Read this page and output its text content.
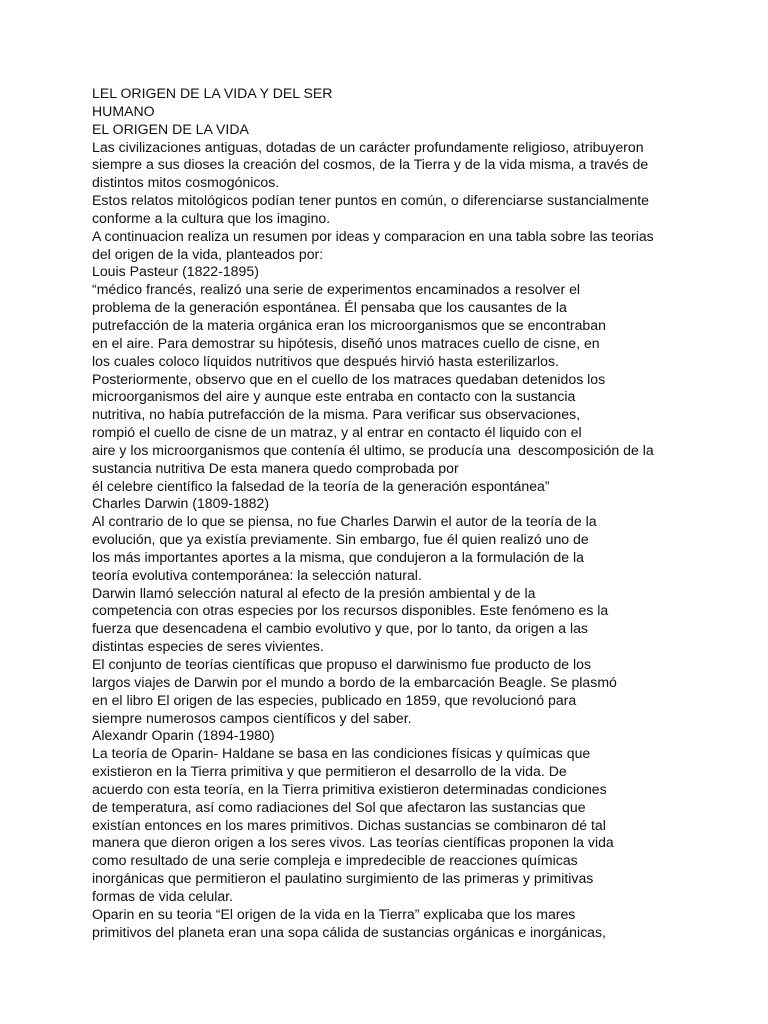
LEL ORIGEN DE LA VIDA Y DEL SER
HUMANO
EL ORIGEN DE LA VIDA
Las civilizaciones antiguas, dotadas de un carácter profundamente religioso, atribuyeron
siempre a sus dioses la creación del cosmos, de la Tierra y de la vida misma, a través de
distintos mitos cosmogónicos.
Estos relatos mitológicos podían tener puntos en común, o diferenciarse sustancialmente
conforme a la cultura que los imagino.
A continuacion realiza un resumen por ideas y comparacion en una tabla sobre las teorias
del origen de la vida, planteados por:
Louis Pasteur (1822-1895)
“médico francés, realizó una serie de experimentos encaminados a resolver el
problema de la generación espontánea. Él pensaba que los causantes de la
putrefacción de la materia orgánica eran los microorganismos que se encontraban
en el aire. Para demostrar su hipótesis, diseñó unos matraces cuello de cisne, en
los cuales coloco líquidos nutritivos que después hirvió hasta esterilizarlos.
Posteriormente, observo que en el cuello de los matraces quedaban detenidos los
microorganismos del aire y aunque este entraba en contacto con la sustancia
nutritiva, no había putrefacción de la misma. Para verificar sus observaciones,
rompió el cuello de cisne de un matraz, y al entrar en contacto él liquido con el
aire y los microorganismos que contenía él ultimo, se producía una  descomposición de la
sustancia nutritiva De esta manera quedo comprobada por
él celebre científico la falsedad de la teoría de la generación espontánea”
Charles Darwin (1809-1882)
Al contrario de lo que se piensa, no fue Charles Darwin el autor de la teoría de la
evolución, que ya existía previamente. Sin embargo, fue él quien realizó uno de
los más importantes aportes a la misma, que condujeron a la formulación de la
teoría evolutiva contemporánea: la selección natural.
Darwin llamó selección natural al efecto de la presión ambiental y de la
competencia con otras especies por los recursos disponibles. Este fenómeno es la
fuerza que desencadena el cambio evolutivo y que, por lo tanto, da origen a las
distintas especies de seres vivientes.
El conjunto de teorías científicas que propuso el darwinismo fue producto de los
largos viajes de Darwin por el mundo a bordo de la embarcación Beagle. Se plasmó
en el libro El origen de las especies, publicado en 1859, que revolucionó para
siempre numerosos campos científicos y del saber.
Alexandr Oparin (1894-1980)
La teoría de Oparin- Haldane se basa en las condiciones físicas y químicas que
existieron en la Tierra primitiva y que permitieron el desarrollo de la vida. De
acuerdo con esta teoría, en la Tierra primitiva existieron determinadas condiciones
de temperatura, así como radiaciones del Sol que afectaron las sustancias que
existían entonces en los mares primitivos. Dichas sustancias se combinaron dé tal
manera que dieron origen a los seres vivos. Las teorías científicas proponen la vida
como resultado de una serie compleja e impredecible de reacciones químicas
inorgánicas que permitieron el paulatino surgimiento de las primeras y primitivas
formas de vida celular.
Oparin en su teoria “El origen de la vida en la Tierra” explicaba que los mares
primitivos del planeta eran una sopa cálida de sustancias orgánicas e inorgánicas,
